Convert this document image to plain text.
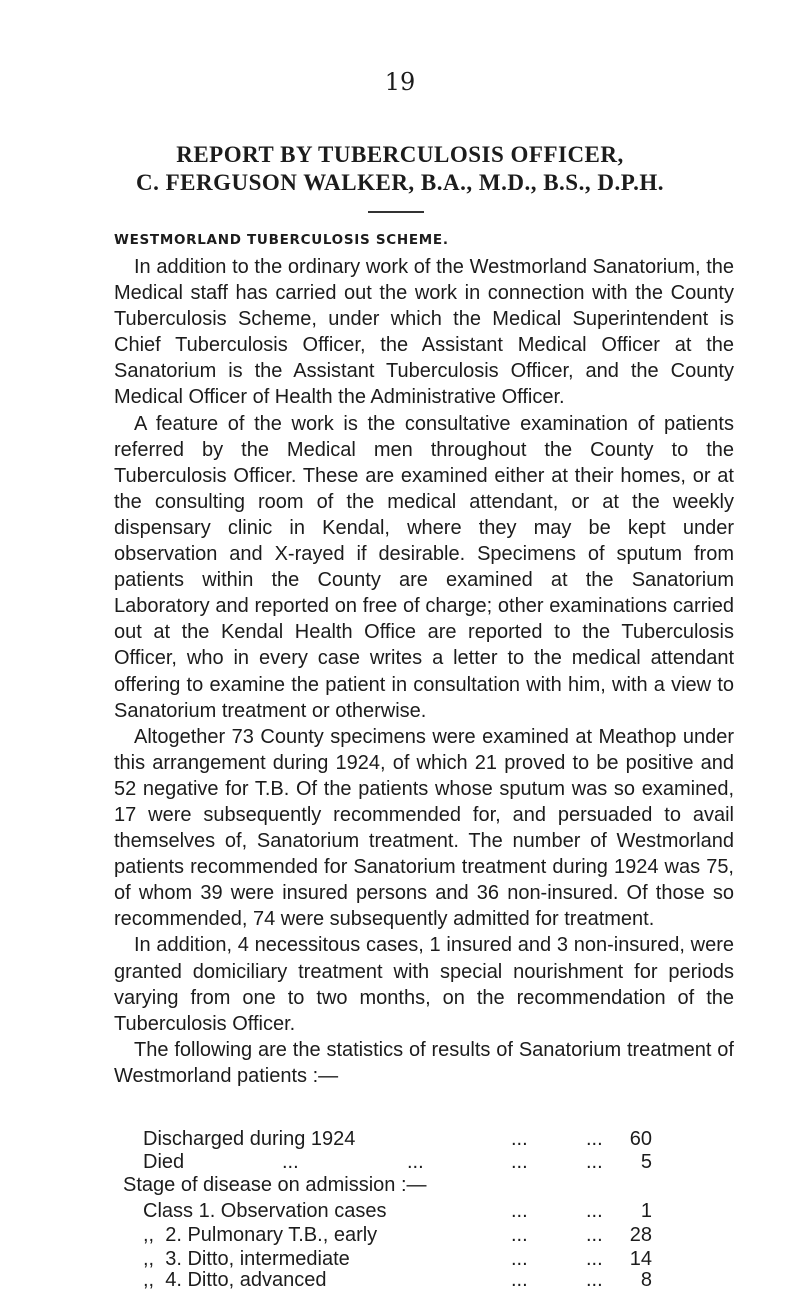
19
REPORT BY TUBERCULOSIS OFFICER,
C. FERGUSON WALKER, B.A., M.D., B.S., D.P.H.
WESTMORLAND TUBERCULOSIS SCHEME.

In addition to the ordinary work of the Westmorland Sanatorium, the Medical staff has carried out the work in connection with the County Tuberculosis Scheme, under which the Medical Superintendent is Chief Tuberculosis Officer, the Assistant Medical Officer at the Sanatorium is the Assistant Tuberculosis Officer, and the County Medical Officer of Health the Administrative Officer.

A feature of the work is the consultative examination of patients referred by the Medical men throughout the County to the Tuberculosis Officer. These are examined either at their homes, or at the consulting room of the medical attendant, or at the weekly dispensary clinic in Kendal, where they may be kept under observation and X-rayed if desirable. Specimens of sputum from patients within the County are examined at the Sanatorium Laboratory and reported on free of charge; other examinations carried out at the Kendal Health Office are reported to the Tuberculosis Officer, who in every case writes a letter to the medical attendant offering to examine the patient in consultation with him, with a view to Sanatorium treatment or otherwise.

Altogether 73 County specimens were examined at Meathop under this arrangement during 1924, of which 21 proved to be positive and 52 negative for T.B. Of the patients whose sputum was so examined, 17 were subsequently recommended for, and persuaded to avail themselves of, Sanatorium treatment. The number of Westmorland patients recommended for Sanatorium treatment during 1924 was 75, of whom 39 were insured persons and 36 non-insured. Of those so recommended, 74 were subsequently admitted for treatment.

In addition, 4 necessitous cases, 1 insured and 3 non-insured, were granted domiciliary treatment with special nourishment for periods varying from one to two months, on the recommendation of the Tuberculosis Officer.

The following are the statistics of results of Sanatorium treatment of Westmorland patients :—

Discharged during 1924	...	...	60
Died	...	...	...	...	5
Stage of disease on admission :—
Class 1. Observation cases	...	...	1
,,  2. Pulmonary T.B., early	...	...	28
,,  3. Ditto, intermediate	...	...	14
,,  4. Ditto, advanced	...	...	8
